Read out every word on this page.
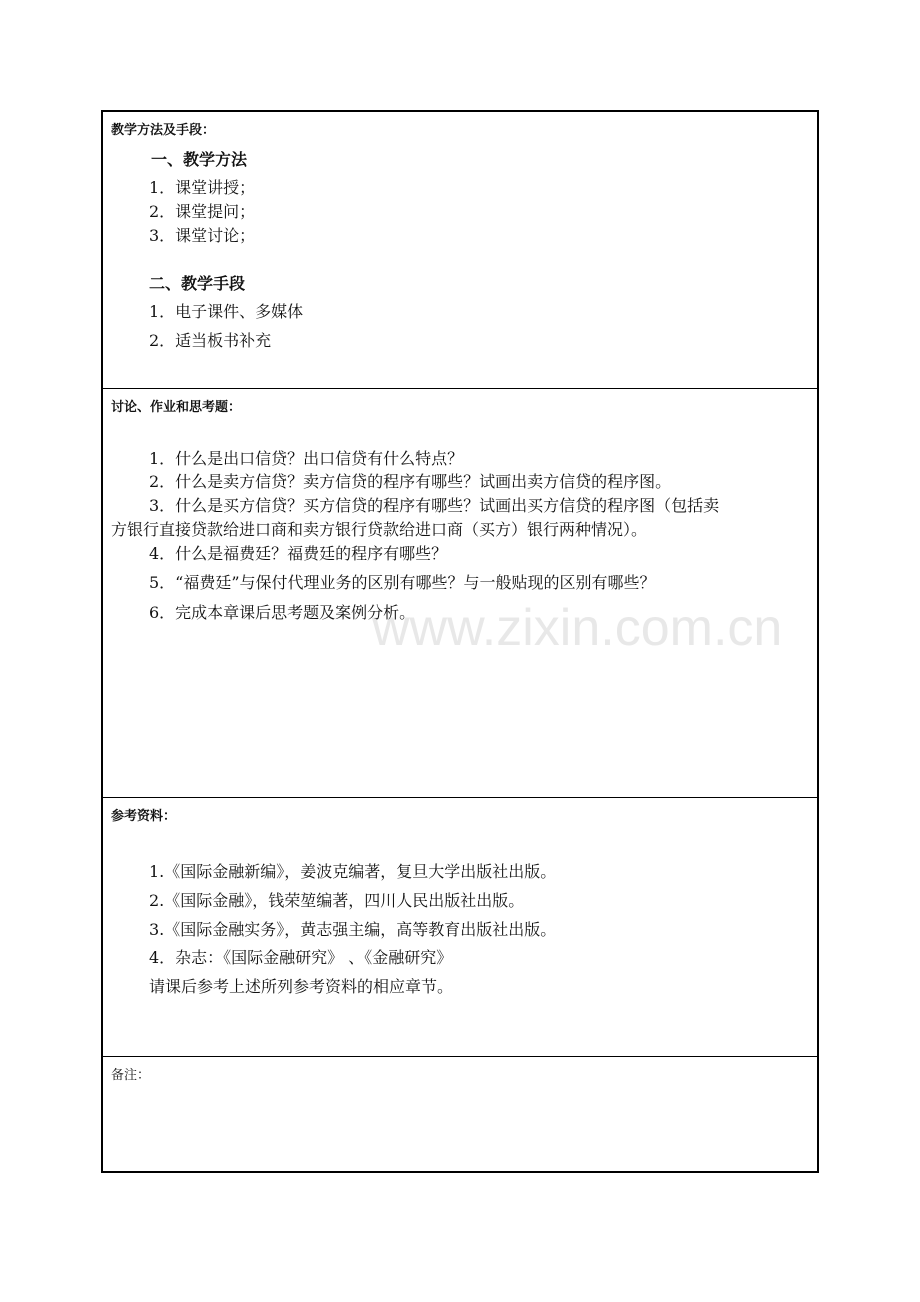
www.zixin.com.cn
教学方法及手段：
一、教学方法
1．课堂讲授；
2．课堂提问；
3．课堂讨论；
二、教学手段
1．电子课件、多媒体
2．适当板书补充
讨论、作业和思考题：
1．什么是出口信贷？出口信贷有什么特点？
2．什么是卖方信贷？卖方信贷的程序有哪些？试画出卖方信贷的程序图。
3．什么是买方信贷？买方信贷的程序有哪些？试画出买方信贷的程序图（包括卖
方银行直接贷款给进口商和卖方银行贷款给进口商（买方）银行两种情况）。
4．什么是福费廷？福费廷的程序有哪些？
5．“福费廷”与保付代理业务的区别有哪些？与一般贴现的区别有哪些？
6．完成本章课后思考题及案例分析。
参考资料：
1.《国际金融新编》，姜波克编著，复旦大学出版社出版。
2.《国际金融》，钱荣堃编著，四川人民出版社出版。
3.《国际金融实务》，黄志强主编，高等教育出版社出版。
4．杂志：《国际金融研究》 、《金融研究》
请课后参考上述所列参考资料的相应章节。
备注：
